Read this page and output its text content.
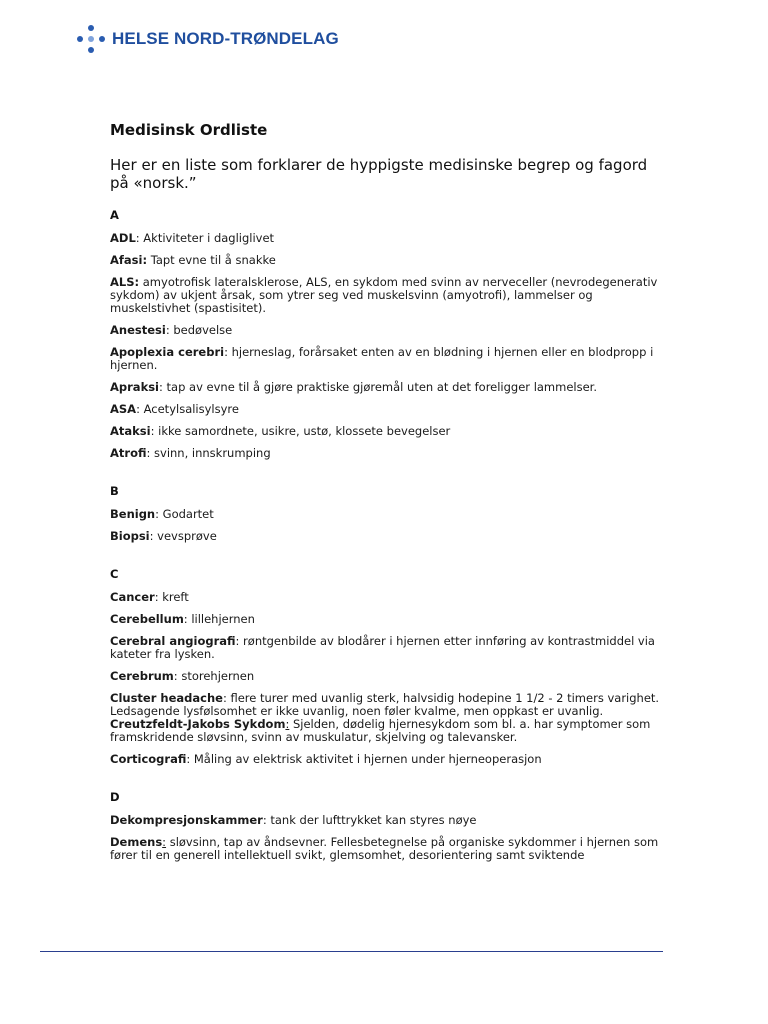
HELSE NORD-TRØNDELAG
Medisinsk Ordliste

Her er en liste som forklarer de hyppigste medisinske begrep og fagord på «norsk.”

A

ADL: Aktiviteter i dagliglivet

Afasi: Tapt evne til å snakke

ALS: amyotrofisk lateralsklerose, ALS, en sykdom med svinn av nerveceller (nevrodegenerativ sykdom) av ukjent årsak, som ytrer seg ved muskelsvinn (amyotrofi), lammelser og muskelstivhet (spastisitet).

Anestesi: bedøvelse

Apoplexia cerebri: hjerneslag, forårsaket enten av en blødning i hjernen eller en blodpropp i hjernen.

Apraksi: tap av evne til å gjøre praktiske gjøremål uten at det foreligger lammelser.

ASA: Acetylsalisylsyre

Ataksi: ikke samordnete, usikre, ustø, klossete bevegelser

Atrofi: svinn, innskrumping

B

Benign: Godartet

Biopsi: vevsprøve

C

Cancer: kreft

Cerebellum: lillehjernen

Cerebral angiografi: røntgenbilde av blodårer i hjernen etter innføring av kontrastmiddel via kateter fra lysken.

Cerebrum: storehjernen

Cluster headache: flere turer med uvanlig sterk, halvsidig hodepine 1 1/2 - 2 timers varighet. Ledsagende lysfølsomhet er ikke uvanlig, noen føler kvalme, men oppkast er uvanlig.

Creutzfeldt-Jakobs Sykdom: Sjelden, dødelig hjernesykdom som bl. a. har symptomer som framskridende sløvsinn, svinn av muskulatur, skjelving og talevansker.

Corticografi: Måling av elektrisk aktivitet i hjernen under hjerneoperasjon

D

Dekompresjonskammer: tank der lufttrykket kan styres nøye

Demens: sløvsinn, tap av åndsevner. Fellesbetegnelse på organiske sykdommer i hjernen som fører til en generell intellektuell svikt, glemsomhet, desorientering samt sviktende
